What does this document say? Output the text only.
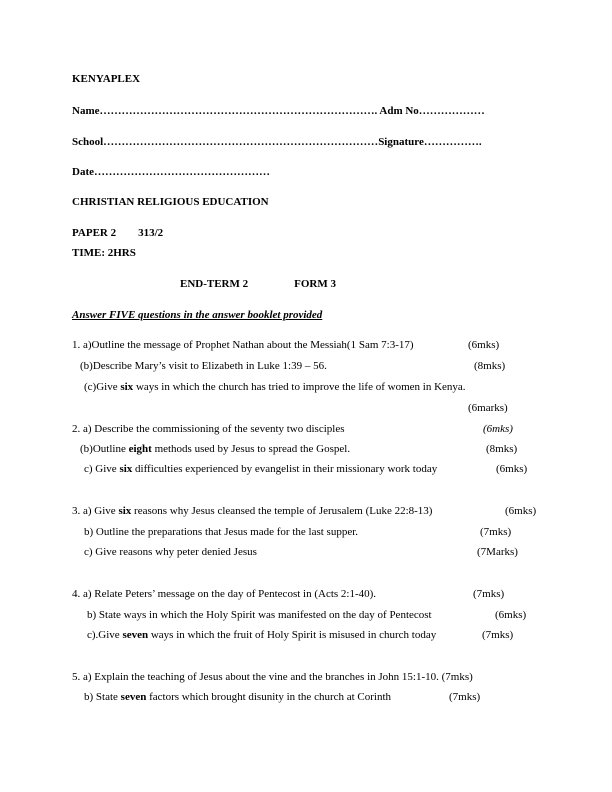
KENYAPLEX
Name…………………………………………………………………. Adm No………………
School…………………………………………………………………Signature…………….
Date…………………………………………
CHRISTIAN RELIGIOUS EDUCATION
PAPER 2 313/2
TIME: 2HRS
END-TERM 2	FORM 3
Answer FIVE questions in the answer booklet provided
1. a)Outline the message of Prophet Nathan about the Messiah(1 Sam 7:3-17)	(6mks)
(b)Describe Mary’s visit to Elizabeth in Luke 1:39 – 56.	(8mks)
(c)Give six ways in which the church has tried to improve the life of women in Kenya.
(6marks)
2. a) Describe the commissioning of the seventy two disciples	(6mks)
(b)Outline eight methods used by Jesus to spread the Gospel.	(8mks)
c) Give six difficulties experienced by evangelist in their missionary work today	(6mks)
3. a) Give six reasons why Jesus cleansed the temple of Jerusalem (Luke 22:8-13)	(6mks)
b) Outline the preparations that Jesus made for the last supper.	(7mks)
c) Give reasons why peter denied Jesus	(7Marks)
4. a) Relate Peters’ message on the day of Pentecost in (Acts 2:1-40).	(7mks)
b) State ways in which the Holy Spirit was manifested on the day of Pentecost	(6mks)
c).Give seven ways in which the fruit of Holy Spirit is misused in church today	(7mks)
5. a) Explain the teaching of Jesus about the vine and the branches in John 15:1-10. (7mks)
b) State seven factors which brought disunity in the church at Corinth	(7mks)
